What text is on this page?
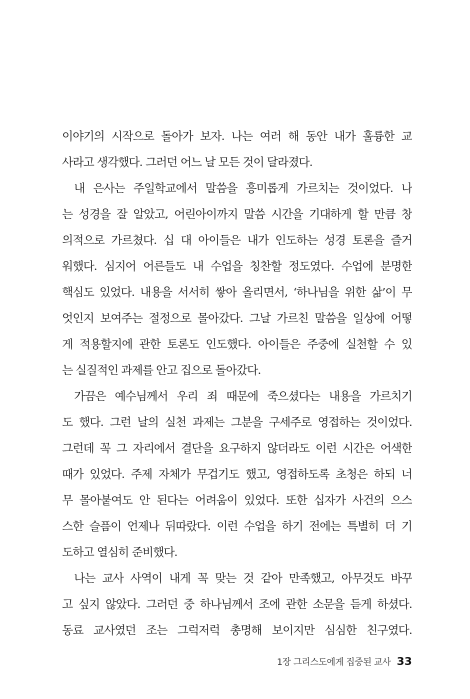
이야기의 시작으로 돌아가 보자. 나는 여러 해 동안 내가 훌륭한 교
사라고 생각했다. 그러던 어느 날 모든 것이 달라졌다.
내 은사는 주일학교에서 말씀을 흥미롭게 가르치는 것이었다. 나
는 성경을 잘 알았고, 어린아이까지 말씀 시간을 기대하게 할 만큼 창
의적으로 가르쳤다. 십 대 아이들은 내가 인도하는 성경 토론을 즐거
워했다. 심지어 어른들도 내 수업을 칭찬할 정도였다. 수업에 분명한
핵심도 있었다. 내용을 서서히 쌓아 올리면서, ‘하나님을 위한 삶’이 무
엇인지 보여주는 절정으로 몰아갔다. 그날 가르친 말씀을 일상에 어떻
게 적용할지에 관한 토론도 인도했다. 아이들은 주중에 실천할 수 있
는 실질적인 과제를 안고 집으로 돌아갔다.
가끔은 예수님께서 우리 죄 때문에 죽으셨다는 내용을 가르치기
도 했다. 그런 날의 실천 과제는 그분을 구세주로 영접하는 것이었다.
그런데 꼭 그 자리에서 결단을 요구하지 않더라도 이런 시간은 어색한
때가 있었다. 주제 자체가 무겁기도 했고, 영접하도록 초청은 하되 너
무 몰아붙여도 안 된다는 어려움이 있었다. 또한 십자가 사건의 으스
스한 슬픔이 언제나 뒤따랐다. 이런 수업을 하기 전에는 특별히 더 기
도하고 열심히 준비했다.
나는 교사 사역이 내게 꼭 맞는 것 같아 만족했고, 아무것도 바꾸
고 싶지 않았다. 그러던 중 하나님께서 조에 관한 소문을 듣게 하셨다.
동료 교사였던 조는 그럭저럭 총명해 보이지만 심심한 친구였다.
1장 그리스도에게 집중된 교사 33
